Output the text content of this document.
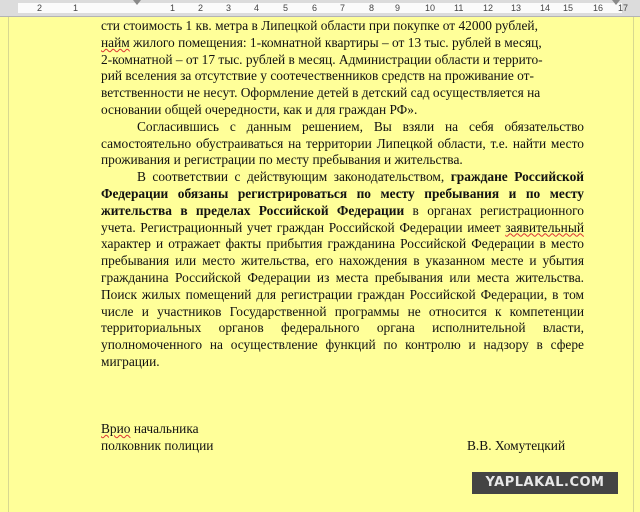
2	1	1	2	3	4	5	6	7	8 9	10 11 12 13 14 15 16 17

сти стоимость 1 кв. метра в Липецкой области при покупке от 42000 рублей,
найм жилого помещения: 1-комнатной квартиры – от 13 тыс. рублей в месяц,
2-комнатной – от 17 тыс. рублей в месяц. Администрации области и террито-
рий вселения за отсутствие у соотечественников средств на проживание от-
ветственности не несут. Оформление детей в детский сад осуществляется на
основании общей очередности, как и для граждан РФ».

Согласившись с данным решением, Вы взяли на себя обязательство самостоятельно обустраиваться на территории Липецкой области, т.е. найти место проживания и регистрации по месту пребывания и жительства.

В соответствии с действующим законодательством, граждане Российской Федерации обязаны регистрироваться по месту пребывания и по месту жительства в пределах Российской Федерации в органах регистрационного учета. Регистрационный учет граждан Российской Федерации имеет заявительный характер и отражает факты прибытия гражданина Российской Федерации в место пребывания или место жительства, его нахождения в указанном месте и убытия гражданина Российской Федерации из места пребывания или места жительства. Поиск жилых помещений для регистрации граждан Российской Федерации, в том числе и участников Государственной программы не относится к компетенции территориальных органов федерального органа исполнительной власти, уполномоченного на осуществление функций по контролю и надзору в сфере миграции.

Врио начальника
полковник полиции	В.В. Хомутецкий
YAPLAKAL.COM
